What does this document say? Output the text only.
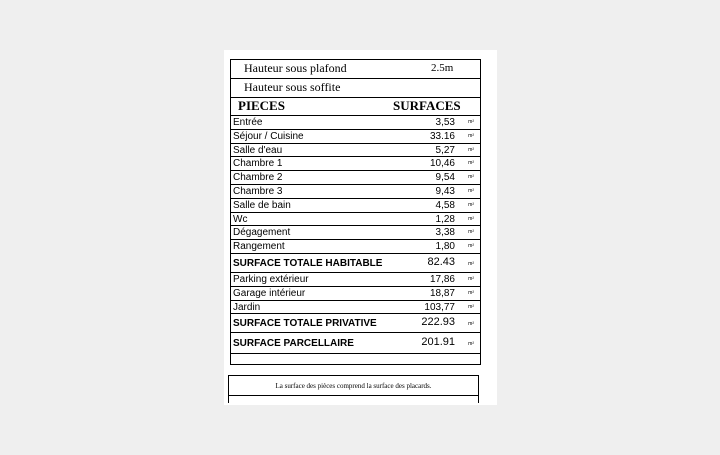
Hauteur sous plafond	2.5m
Hauteur sous soffite
PIECES	SURFACES
Entrée	3,53	m²
Séjour / Cuisine	33.16	m²
Salle d'eau	5,27	m²
Chambre 1	10,46	m²
Chambre 2	9,54	m²
Chambre 3	9,43	m²
Salle de bain	4,58	m²
Wc	1,28	m²
Dégagement	3,38	m²
Rangement	1,80	m²
SURFACE TOTALE HABITABLE	82.43	m²
Parking extérieur	17,86	m²
Garage intérieur	18,87	m²
Jardin	103,77	m²
SURFACE TOTALE PRIVATIVE	222.93	m²
SURFACE PARCELLAIRE	201.91	m²
La surface des pièces comprend la surface des placards.
